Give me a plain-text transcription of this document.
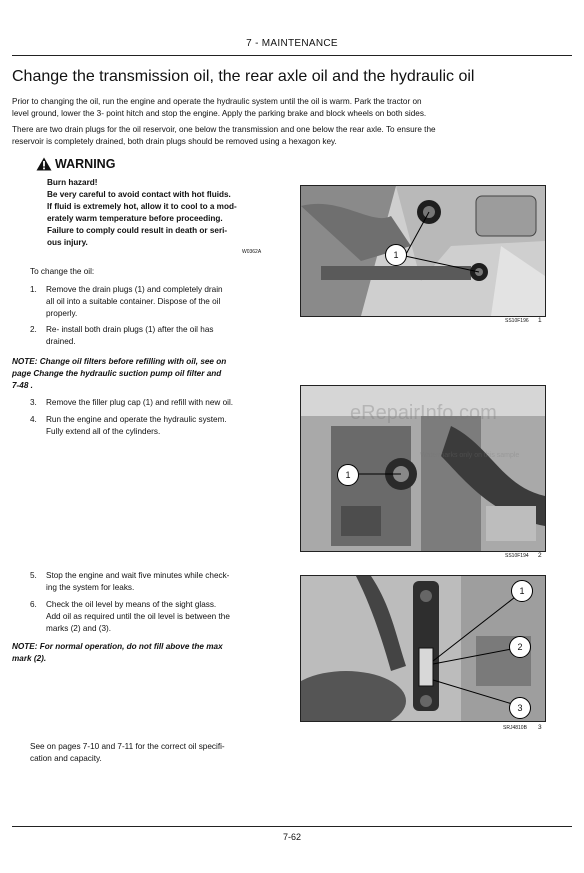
7 - MAINTENANCE
Change the transmission oil, the rear axle oil and the hydraulic oil
Prior to changing the oil, run the engine and operate the hydraulic system until the oil is warm. Park the tractor on
level ground, lower the 3- point hitch and stop the engine. Apply the parking brake and block wheels on both sides.
There are two drain plugs for the oil reservoir, one below the transmission and one below the rear axle. To ensure the
reservoir is completely drained, both drain plugs should be removed using a hexagon key.
WARNING
Burn hazard!
Be very careful to avoid contact with hot fluids.
If fluid is extremely hot, allow it to cool to a mod-
erately warm temperature before proceeding.
Failure to comply could result in death or seri-
ous injury.
W0362A
To change the oil:
1. Remove the drain plugs (1) and completely drain
all oil into a suitable container. Dispose of the oil
properly.
2. Re- install both drain plugs (1) after the oil has
drained.
NOTE: Change oil filters before refilling with oil, see on
page Change the hydraulic suction pump oil filter and
7-48 .
3. Remove the filler plug cap (1) and refill with new oil.
4. Run the engine and operate the hydraulic system.
Fully extend all of the cylinders.
5. Stop the engine and wait five minutes while check-
ing the system for leaks.
6. Check the oil level by means of the sight glass.
Add oil as required until the oil level is between the
marks (2) and (3).
NOTE: For normal operation, do not fill above the max
mark (2).
See on pages 7-10 and 7-11 for the correct oil specifi-
cation and capacity.
1
SS10F196 1
1
SS10F194 2
1
2
3
SRJ4810B 3
eRepairInfo.com
Watermarks only on this sample
7-62
